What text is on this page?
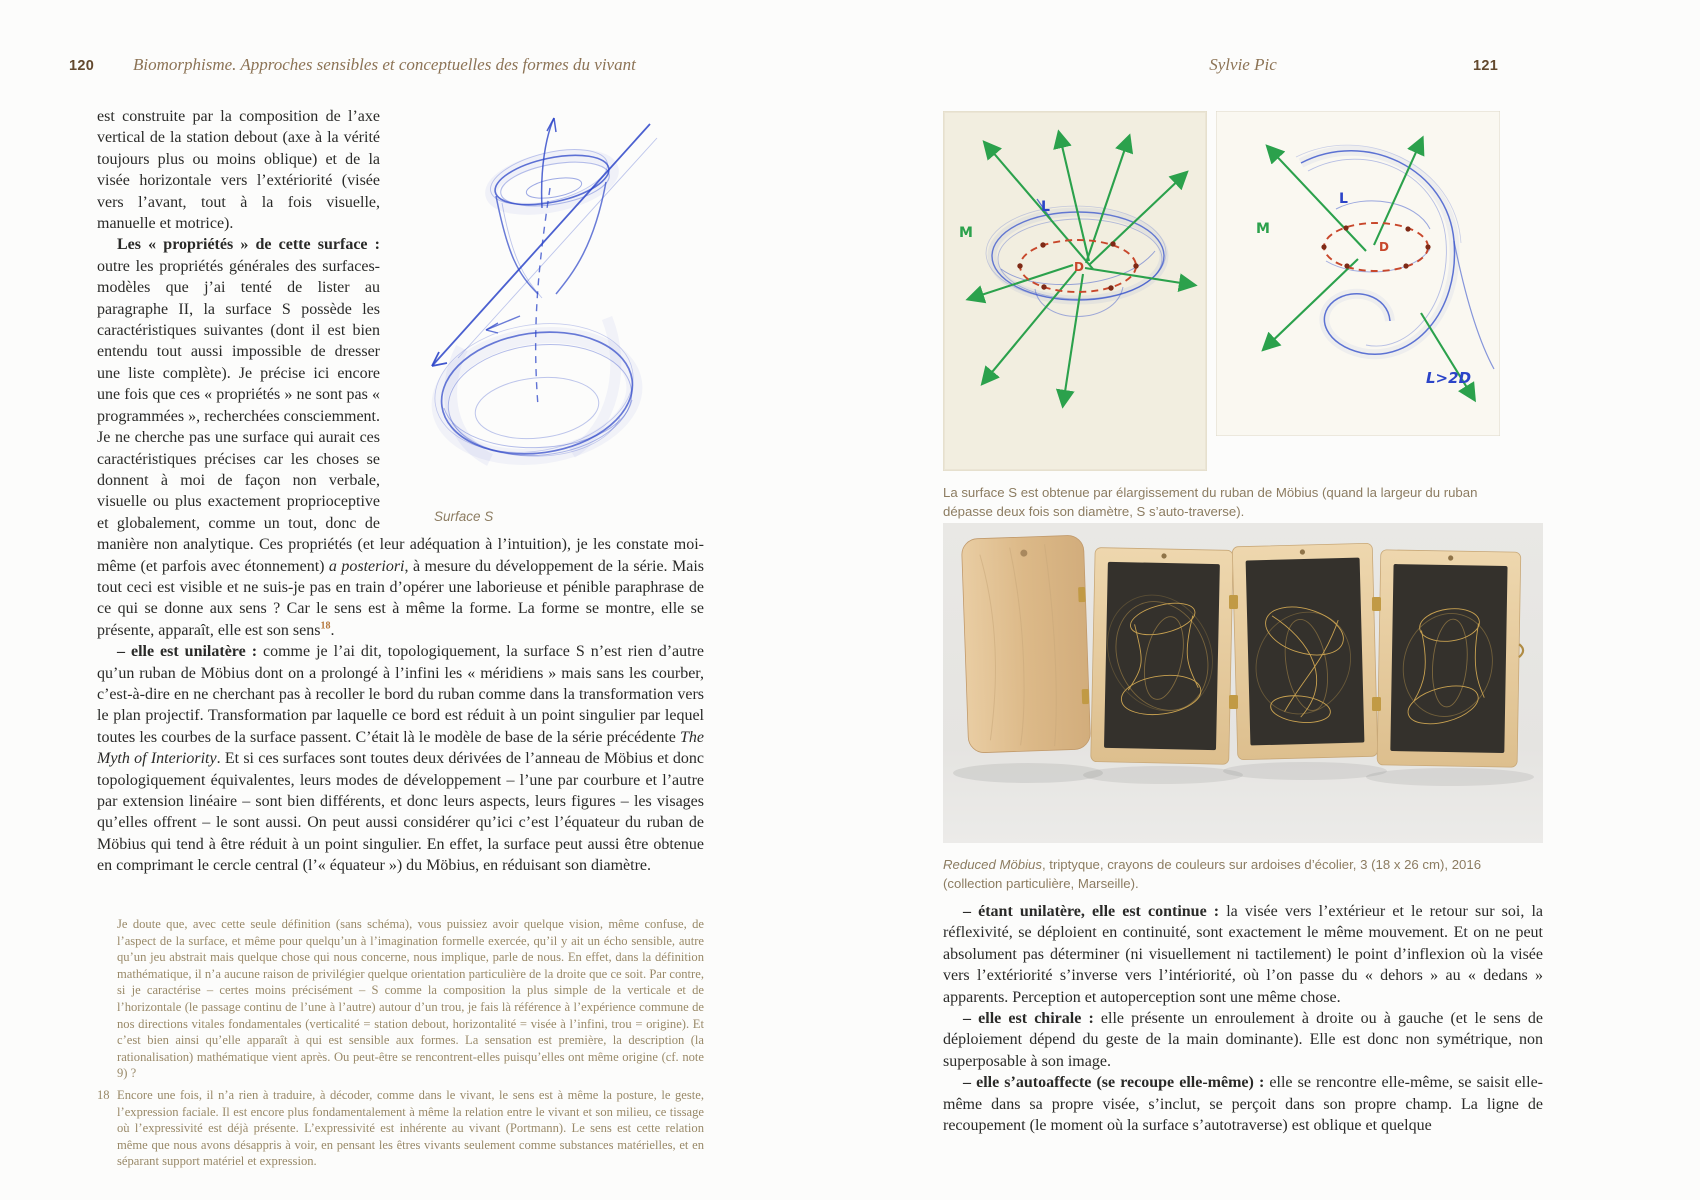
120 Biomorphisme. Approches sensibles et conceptuelles des formes du vivant
Surface S

est construite par la composition de l’axe vertical de la station debout (axe à la vérité toujours plus ou moins oblique) et de la visée horizontale vers l’extériorité (visée vers l’avant, tout à la fois visuelle, manuelle et motrice).

Les « propriétés » de cette surface : outre les propriétés générales des surfaces-modèles que j’ai tenté de lister au paragraphe II, la surface S possède les caractéristiques suivantes (dont il est bien entendu tout aussi impossible de dresser une liste complète). Je précise ici encore une fois que ces « propriétés » ne sont pas « programmées », recherchées consciemment. Je ne cherche pas une surface qui aurait ces caractéristiques précises car les choses se donnent à moi de façon non verbale, visuelle ou plus exactement proprioceptive et globalement, comme un tout, donc de manière non analytique. Ces propriétés (et leur adéquation à l’intuition), je les constate moi-même (et parfois avec étonnement) a posteriori, à mesure du développement de la série. Mais tout ceci est visible et ne suis-je pas en train d’opérer une laborieuse et pénible paraphrase de ce qui se donne aux sens ? Car le sens est à même la forme. La forme se montre, elle se présente, apparaît, elle est son sens$^{18}$.

– elle est unilatère : comme je l’ai dit, topologiquement, la surface S n’est rien d’autre qu’un ruban de Möbius dont on a prolongé à l’infini les « méridiens » mais sans les courber, c’est-à-dire en ne cherchant pas à recoller le bord du ruban comme dans la transformation vers le plan projectif. Transformation par laquelle ce bord est réduit à un point singulier par lequel toutes les courbes de la surface passent. C’était là le modèle de base de la série précédente The Myth of Interiority. Et si ces surfaces sont toutes deux dérivées de l’anneau de Möbius et donc topologiquement équivalentes, leurs modes de développement – l’une par courbure et l’autre par extension linéaire – sont bien différents, et donc leurs aspects, leurs figures – les visages qu’elles offrent – le sont aussi. On peut aussi considérer qu’ici c’est l’équateur du ruban de Möbius qui tend à être réduit à un point singulier. En effet, la surface peut aussi être obtenue en comprimant le cercle central (l’« équateur ») du Möbius, en réduisant son diamètre.

Je doute que, avec cette seule définition (sans schéma), vous puissiez avoir quelque vision, même confuse, de l’aspect de la surface, et même pour quelqu’un à l’imagination formelle exercée, qu’il y ait un écho sensible, autre qu’un jeu abstrait mais quelque chose qui nous concerne, nous implique, parle de nous. En effet, dans la définition mathématique, il n’a aucune raison de privilégier quelque orientation particulière de la droite que ce soit. Par contre, si je caractérise – certes moins précisément – S comme la composition la plus simple de la verticale et de l’horizontale (le passage continu de l’une à l’autre) autour d’un trou, je fais là référence à l’expérience commune de nos directions vitales fondamentales (verticalité = station debout, horizontalité = visée à l’infini, trou = origine). Et c’est bien ainsi qu’elle apparaît à qui est sensible aux formes. La sensation est première, la description (la rationalisation) mathématique vient après. Ou peut-être se rencontrent-elles puisqu’elles ont même origine (cf. note 9) ?

18 Encore une fois, il n’a rien à traduire, à décoder, comme dans le vivant, le sens est à même la posture, le geste, l’expression faciale. Il est encore plus fondamentalement à même la relation entre le vivant et son milieu, ce tissage où l’expressivité est déjà présente. L’expressivité est inhérente au vivant (Portmann). Le sens est cette relation même que nous avons désappris à voir, en pensant les êtres vivants seulement comme substances matérielles, et en séparant support matériel et expression.

Sylvie Pic	121
L
M
D

L
M
D
L>2D
La surface S est obtenue par élargissement du ruban de Möbius (quand la largeur du ruban dépasse deux fois son diamètre, S s’auto-traverse).
Reduced Möbius, triptyque, crayons de couleurs sur ardoises d’écolier, 3 (18 x 26 cm), 2016 (collection particulière, Marseille).

– étant unilatère, elle est continue : la visée vers l’extérieur et le retour sur soi, la réflexivité, se déploient en continuité, sont exactement le même mouvement. Et on ne peut absolument pas déterminer (ni visuellement ni tactilement) le point d’inflexion où la visée vers l’extériorité s’inverse vers l’intériorité, où l’on passe du « dehors » au « dedans » apparents. Perception et autoperception sont une même chose.

– elle est chirale : elle présente un enroulement à droite ou à gauche (et le sens de déploiement dépend du geste de la main dominante). Elle est donc non symétrique, non superposable à son image.

– elle s’autoaffecte (se recoupe elle-même) : elle se rencontre elle-même, se saisit elle-même dans sa propre visée, s’inclut, se perçoit dans son propre champ. La ligne de recoupement (le moment où la surface s’autotraverse) est oblique et quelque
